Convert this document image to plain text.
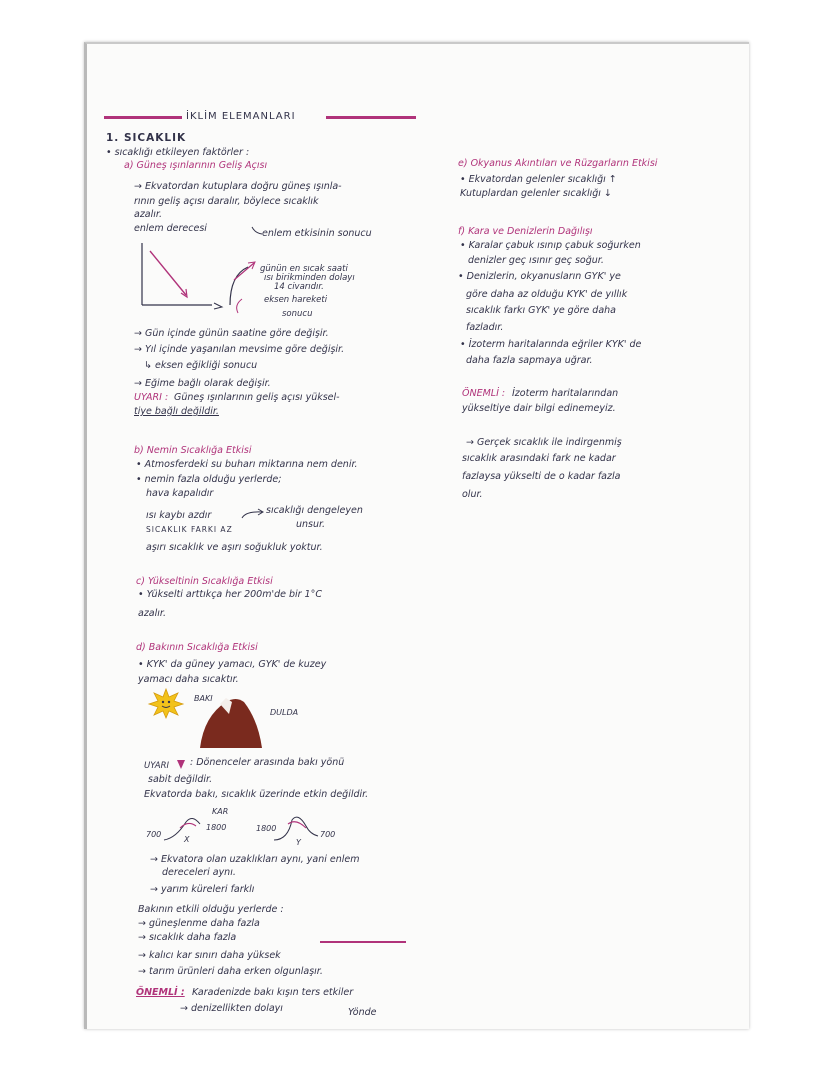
İKLİM ELEMANLARI
1. SICAKLIK
• sıcaklığı etkileyen faktörler :
a) Güneş ışınlarının Geliş Açısı
→ Ekvatordan kutuplara doğru güneş ışınla-
rının geliş açısı daralır, böylece sıcaklık
azalır.
enlem derecesi	enlem etkisinin sonucu
günün en sıcak saati
ısı birikminden dolayı
14 civarıdır.
eksen hareketi
sonucu
→ Gün içinde günün saatine göre değişir.
→ Yıl içinde yaşanılan mevsime göre değişir.
↳ eksen eğikliği sonucu
→ Eğime bağlı olarak değişir.
UYARI : Güneş ışınlarının geliş açısı yüksel-
tiye bağlı değildir.
b) Nemin Sıcaklığa Etkisi
• Atmosferdeki su buharı miktarına nem denir.
• nemin fazla olduğu yerlerde;
hava kapalıdır
ısı kaybı azdır	sıcaklığı dengeleyen
unsur.
SICAKLIK FARKI AZ
aşırı sıcaklık ve aşırı soğukluk yoktur.
c) Yükseltinin Sıcaklığa Etkisi
• Yükselti arttıkça her 200m'de bir 1°C
azalır.
d) Bakının Sıcaklığa Etkisi
• KYK' da güney yamacı, GYK' de kuzey
yamacı daha sıcaktır.
BAKI
DULDA
UYARI : Dönenceler arasında bakı yönü
sabit değildir.
Ekvatorda bakı, sıcaklık üzerinde etkin değildir.
KAR
700
1800
X
1800
Y
700
→ Ekvatora olan uzaklıkları aynı, yani enlem
dereceleri aynı.
→ yarım küreleri farklı
Bakının etkili olduğu yerlerde :
→ güneşlenme daha fazla
→ sıcaklık daha fazla
→ kalıcı kar sınırı daha yüksek
→ tarım ürünleri daha erken olgunlaşır.
ÖNEMLİ : Karadenizde bakı kışın ters etkiler
→ denizellikten dolayı	Yönde
e) Okyanus Akıntıları ve Rüzgarların Etkisi
• Ekvatordan gelenler sıcaklığı ↑
Kutuplardan gelenler sıcaklığı ↓
f) Kara ve Denizlerin Dağılışı
• Karalar çabuk ısınıp çabuk soğurken
denizler geç ısınır geç soğur.
• Denizlerin, okyanusların GYK' ye
göre daha az olduğu KYK' de yıllık
sıcaklık farkı GYK' ye göre daha
fazladır.
• İzoterm haritalarında eğriler KYK' de
daha fazla sapmaya uğrar.
ÖNEMLİ : İzoterm haritalarından
yükseltiye dair bilgi edinemeyiz.
→ Gerçek sıcaklık ile indirgenmiş
sıcaklık arasındaki fark ne kadar
fazlaysa yükselti de o kadar fazla
olur.
